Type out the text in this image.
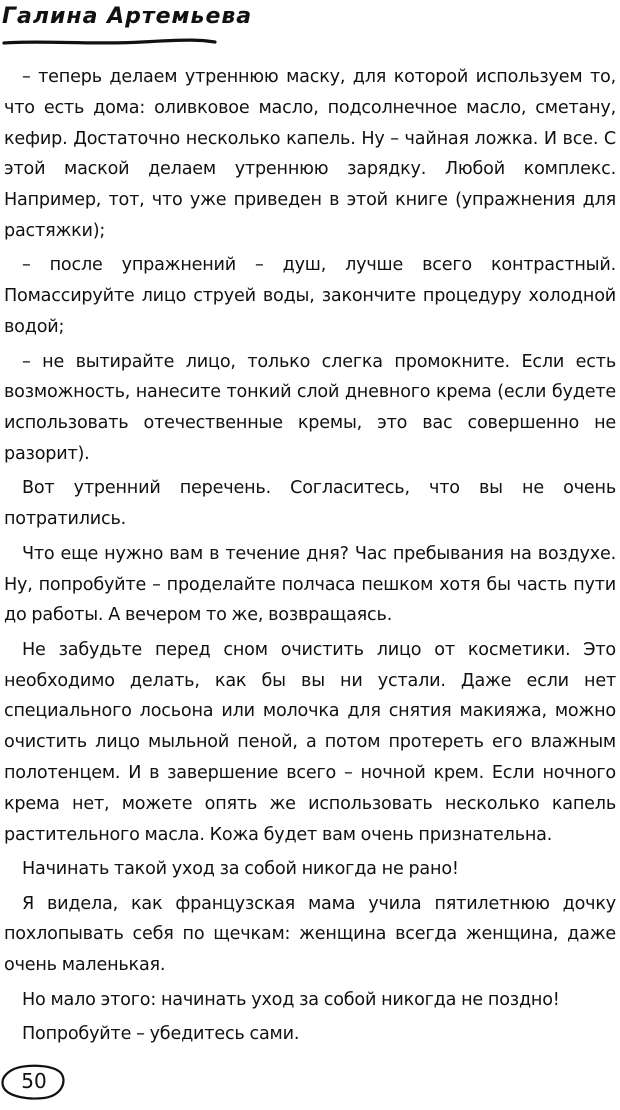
Галина Артемьева

– теперь делаем утреннюю маску, для которой используем то, что есть дома: оливковое масло, подсолнечное масло, сметану, кефир. Достаточно несколько капель. Ну – чайная ложка. И все. С этой маской делаем утреннюю зарядку. Любой комплекс. Например, тот, что уже приведен в этой книге (упражнения для растяжки);

– после упражнений – душ, лучше всего контрастный. Помассируйте лицо струей воды, закончите процедуру холодной водой;

– не вытирайте лицо, только слегка промокните. Если есть возможность, нанесите тонкий слой дневного крема (если будете использовать отечественные кремы, это вас совершенно не разорит).

Вот утренний перечень. Согласитесь, что вы не очень потратились.

Что еще нужно вам в течение дня? Час пребывания на воздухе. Ну, попробуйте – проделайте полчаса пешком хотя бы часть пути до работы. А вечером то же, возвращаясь.

Не забудьте перед сном очистить лицо от косметики. Это необходимо делать, как бы вы ни устали. Даже если нет специального лосьона или молочка для снятия макияжа, можно очистить лицо мыльной пеной, а потом протереть его влажным полотенцем. И в завершение всего – ночной крем. Если ночного крема нет, можете опять же использовать несколько капель растительного масла. Кожа будет вам очень признательна.

Начинать такой уход за собой никогда не рано!

Я видела, как французская мама учила пятилетнюю дочку похлопывать себя по щечкам: женщина всегда женщина, даже очень маленькая.

Но мало этого: начинать уход за собой никогда не поздно!

Попробуйте – убедитесь сами.

50
